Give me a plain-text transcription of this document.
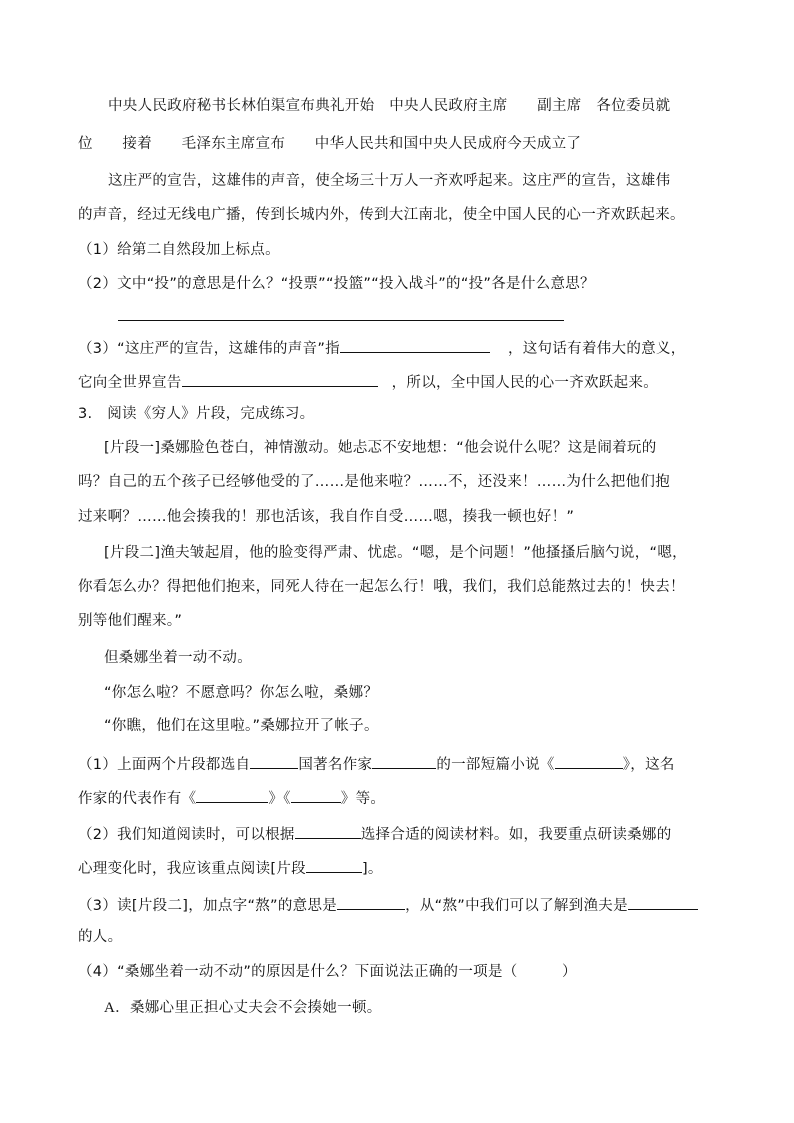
中央人民政府秘书长林伯渠宣布典礼开始　中央人民政府主席　　副主席　各位委员就
位　　接着　　毛泽东主席宣布　　中华人民共和国中央人民成府今天成立了
这庄严的宣告，这雄伟的声音，使全场三十万人一齐欢呼起来。这庄严的宣告，这雄伟
的声音，经过无线电广播，传到长城内外，传到大江南北，使全中国人民的心一齐欢跃起来。
（1）给第二自然段加上标点。
（2）文中“投”的意思是什么？“投票”“投篮”“投入战斗”的“投”各是什么意思？
（3）“这庄严的宣告，这雄伟的声音”指	，这句话有着伟大的意义，
它向全世界宣告	，所以，全中国人民的心一齐欢跃起来。
3.　阅读《穷人》片段，完成练习。
[片段一]桑娜脸色苍白，神情激动。她忐忑不安地想：“他会说什么呢？这是闹着玩的
吗？自己的五个孩子已经够他受的了……是他来啦？……不，还没来！……为什么把他们抱
过来啊？……他会揍我的！那也活该，我自作自受……嗯，揍我一顿也好！”
[片段二]渔夫皱起眉，他的脸变得严肃、忧虑。“嗯，是个问题！”他搔搔后脑勺说，“嗯，
你看怎么办？得把他们抱来，同死人待在一起怎么行！哦，我们，我们总能熬过去的！快去！
别等他们醒来。”
但桑娜坐着一动不动。
“你怎么啦？不愿意吗？你怎么啦，桑娜？
“你瞧，他们在这里啦。”桑娜拉开了帐子。
（1）上面两个片段都选自	国著名作家	的一部短篇小说《	》，这名
作家的代表作有《	》《	》等。
（2）我们知道阅读时，可以根据	选择合适的阅读材料。如，我要重点研读桑娜的
心理变化时，我应该重点阅读[片段	]。
（3）读[片段二]，加点字“熬”的意思是	，从“熬”中我们可以了解到渔夫是
的人。
（4）“桑娜坐着一动不动”的原因是什么？下面说法正确的一项是（　　　）
A．桑娜心里正担心丈夫会不会揍她一顿。
